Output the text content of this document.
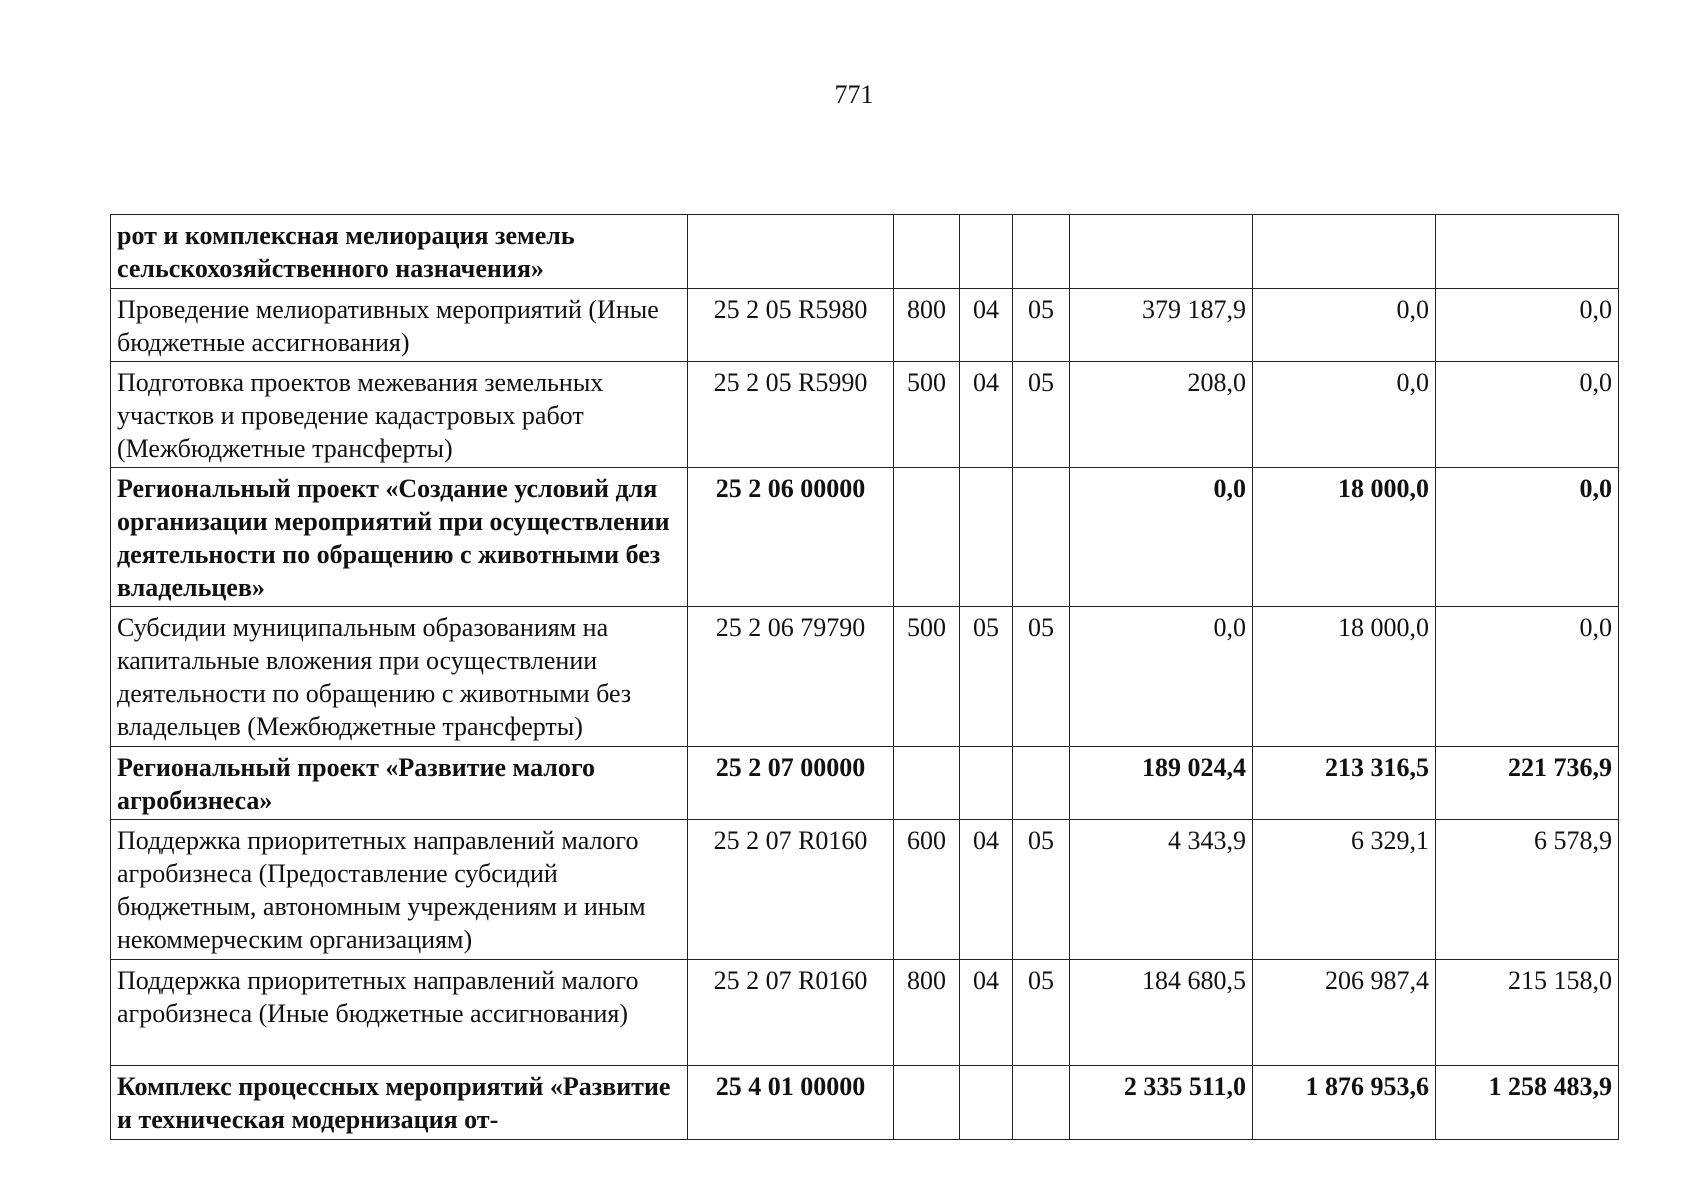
771
рот и комплексная мелиорация земель сельскохозяйственного назначения»							
Проведение мелиоративных мероприятий (Иные бюджетные ассигнования)	25 2 05 R5980	800	04	05	379 187,9	0,0	0,0
Подготовка проектов межевания земельных участков и проведение кадастровых работ (Межбюджетные трансферты)	25 2 05 R5990	500	04	05	208,0	0,0	0,0
Региональный проект «Создание условий для организации мероприятий при осуществлении деятельности по обращению с животными без владельцев»	25 2 06 00000				0,0	18 000,0	0,0
Субсидии муниципальным образованиям на капитальные вложения при осуществлении деятельности по обращению с животными без владельцев (Межбюджетные трансферты)	25 2 06 79790	500	05	05	0,0	18 000,0	0,0
Региональный проект «Развитие малого агробизнеса»	25 2 07 00000				189 024,4	213 316,5	221 736,9
Поддержка приоритетных направлений малого агробизнеса (Предоставление субсидий бюджетным, автономным учреждениям и иным некоммерческим организациям)	25 2 07 R0160	600	04	05	4 343,9	6 329,1	6 578,9
Поддержка приоритетных направлений малого агробизнеса (Иные бюджетные ассигнования)	25 2 07 R0160	800	04	05	184 680,5	206 987,4	215 158,0
Комплекс процессных мероприятий «Развитие и техническая модернизация от-	25 4 01 00000				2 335 511,0	1 876 953,6	1 258 483,9
